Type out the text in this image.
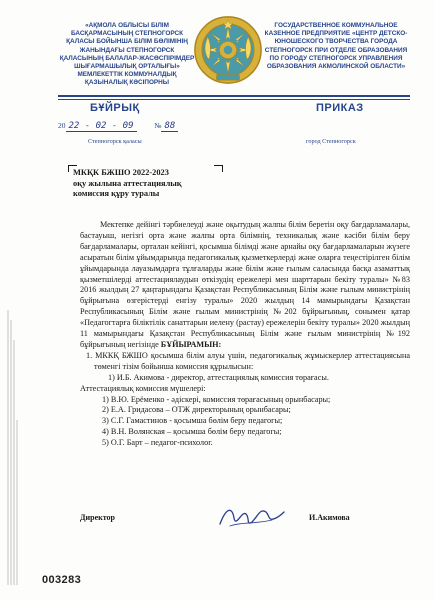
«АҚМОЛА ОБЛЫСЫ БІЛІМ БАСҚАРМАСЫНЫҢ СТЕПНОГОРСК ҚАЛАСЫ БОЙЫНША БІЛІМ БӨЛІМІНІҢ ЖАНЫНДАҒЫ СТЕПНОГОРСК ҚАЛАСЫНЫҢ БАЛАЛАР-ЖАСӨСПІРІМДЕР ШЫҒАРМАШЫЛЫҚ ОРТАЛЫҒЫ» МЕМЛЕКЕТТІК КОММУНАЛДЫҚ ҚАЗЫНАЛЫҚ КӘСІПОРНЫ
ГОСУДАРСТВЕННОЕ КОММУНАЛЬНОЕ КАЗЕННОЕ ПРЕДПРИЯТИЕ «ЦЕНТР ДЕТСКО-ЮНОШЕСКОГО ТВОРЧЕСТВА ГОРОДА СТЕПНОГОРСК ПРИ ОТДЕЛЕ ОБРАЗОВАНИЯ ПО ГОРОДУ СТЕПНОГОРСК УПРАВЛЕНИЯ ОБРАЗОВАНИЯ АКМОЛИНСКОЙ ОБЛАСТИ»
БҰЙРЫҚ	ПРИКАЗ
20 22 - 02 - 09	№ 88
Степногорск қаласы	город Степногорск
МКҚК БЖШО 2022-2023
оқу жылына аттестациялық
комиссия құру туралы

Мектепке дейінгі тәрбиелеуді және оқытудың жалпы білім беретін оқу бағдарламалары, бастауыш, негізгі орта және жалпы орта білімнің, техникалық және кәсіби білім беру бағдарламалары, орталан кейінгі, қосымша білімді және арнайы оқу бағдарламаларын жүзеге асыратын білім ұйымдарында педагогикалық қызметкерлерді және оларға теңестірілген білім ұйымдарында лауазымдарға тұлғаларды және білім және ғылым саласында басқа азаматтық қызметшілерді аттестациялаудын өткізудің ережелері мен шарттарын бекіту туралы» №83 2016 жылдың 27 қаңтарындағы Қазақстан Республикасының Білім және ғылым министрінің бұйрығына өзгерістерді енгізу туралы» 2020 жылдың 14 мамырындағы Қазақстан Республикасының Білім және ғылым министрінің №202 бұйрығының, сонымен қатар «Педагогтарға біліктілік санаттарын иелену (растау) ережелерін бекіту туралы» 2020 жылдың 11 мамырындағы Қазақстан Республикасының Білім және ғылым министрінің №192 бұйрығының негізінде БҰЙЫРАМЫН:

1. МККҚ БЖШО қосымша білім алуы үшін, педагогикалық жұмыскерлер аттестациясына төменгі тізім бойынша комиссия құрылысын:

1) И.Б. Акимова - директор, аттестациялық комиссия төрағасы.

Аттестациялық комиссия мүшелері:

1) В.Ю. Ерёменко - әдіскері, комиссия төрағасының орынбасары;

2) Е.А. Гридасова – ОТЖ директорының орынбасары;

3) С.Г. Гамастинов - қосымша бөлім беру педагогы;

4) В.Н. Волянская – қосымша бөлім беру педагогы;

5) О.Г. Барт – педагог-психолог.

Директор	И.Акимова
003283
